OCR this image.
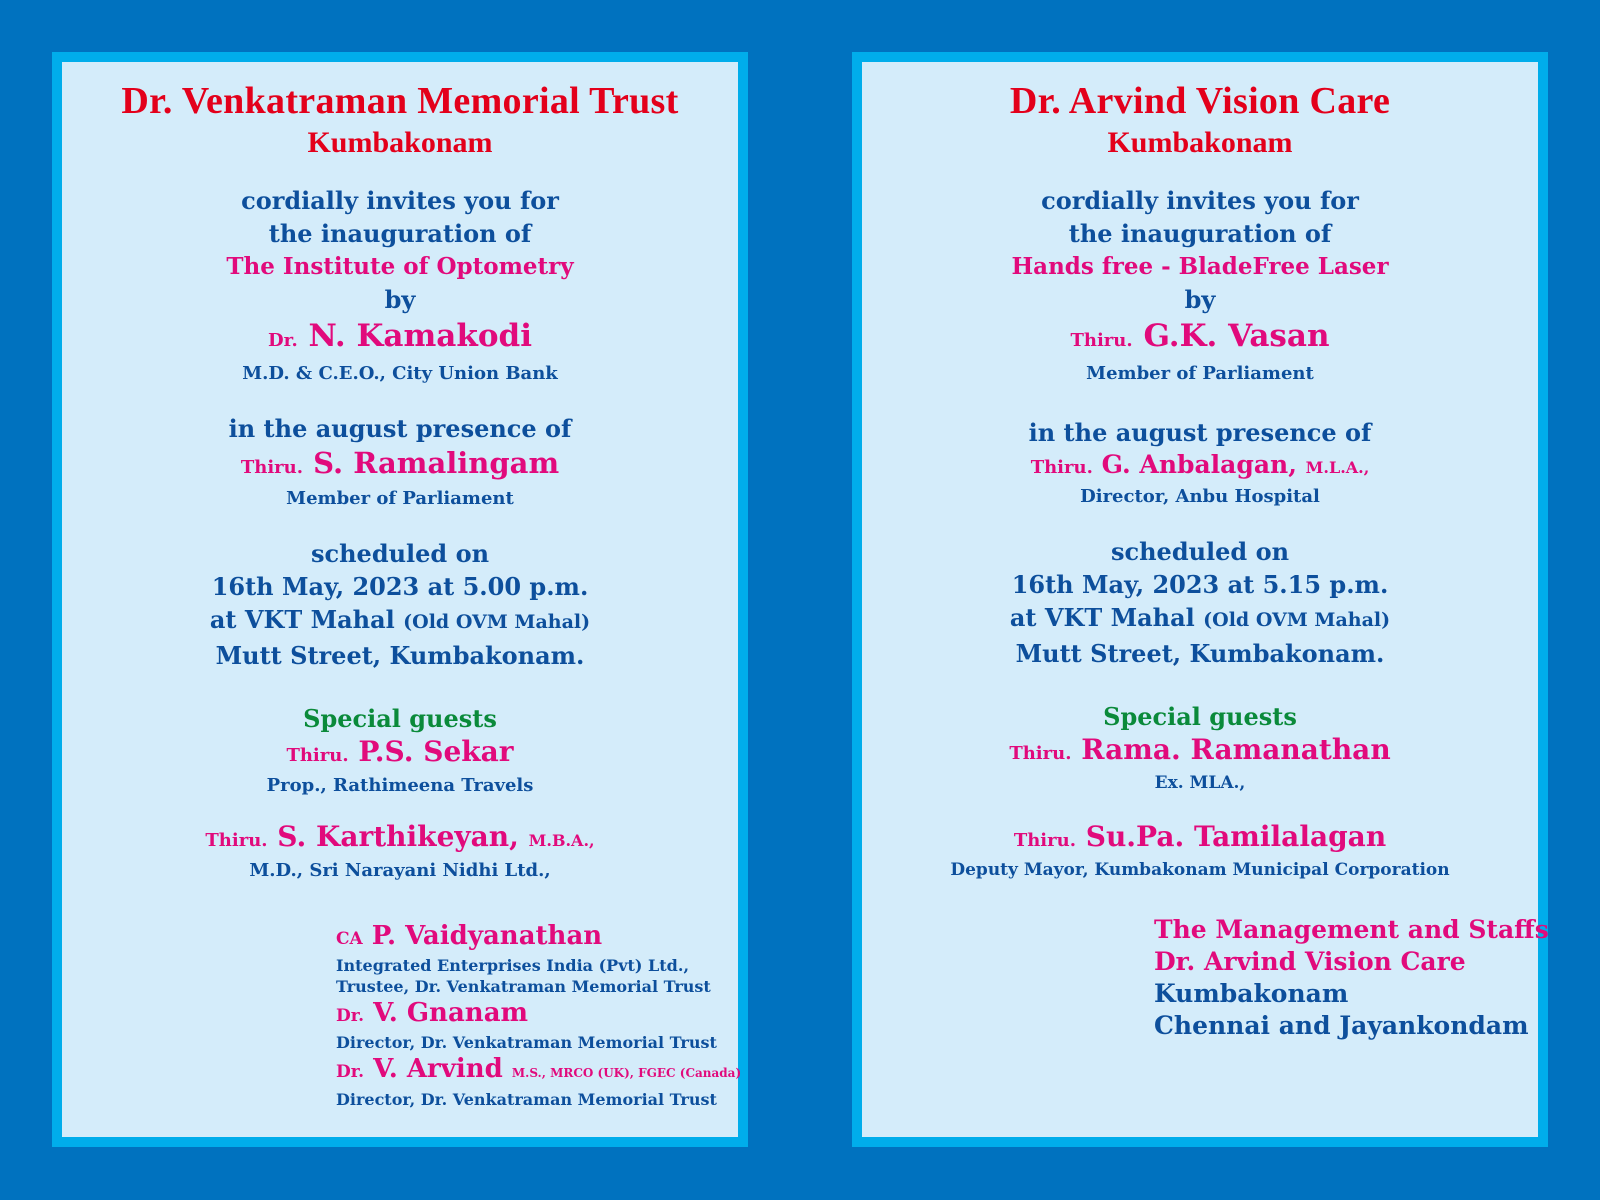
Dr. Venkatraman Memorial Trust
Kumbakonam
cordially invites you for
the inauguration of
The Institute of Optometry
by
Dr. N. Kamakodi
M.D. & C.E.O., City Union Bank
in the august presence of
Thiru. S. Ramalingam
Member of Parliament
scheduled on
16th May, 2023 at 5.00 p.m.
at VKT Mahal (Old OVM Mahal)
Mutt Street, Kumbakonam.
Special guests
Thiru. P.S. Sekar
Prop., Rathimeena Travels
Thiru. S. Karthikeyan, M.B.A.,
M.D., Sri Narayani Nidhi Ltd.,
CA P. Vaidyanathan
Integrated Enterprises India (Pvt) Ltd.,
Trustee, Dr. Venkatraman Memorial Trust
Dr. V. Gnanam
Director, Dr. Venkatraman Memorial Trust
Dr. V. Arvind M.S., MRCO (UK), FGEC (Canada)
Director, Dr. Venkatraman Memorial Trust
Dr. Arvind Vision Care
Kumbakonam
cordially invites you for
the inauguration of
Hands free - BladeFree Laser
by
Thiru. G.K. Vasan
Member of Parliament
in the august presence of
Thiru. G. Anbalagan, M.L.A.,
Director, Anbu Hospital
scheduled on
16th May, 2023 at 5.15 p.m.
at VKT Mahal (Old OVM Mahal)
Mutt Street, Kumbakonam.
Special guests
Thiru. Rama. Ramanathan
Ex. MLA.,
Thiru. Su.Pa. Tamilalagan
Deputy Mayor, Kumbakonam Municipal Corporation
The Management and Staffs
Dr. Arvind Vision Care
Kumbakonam
Chennai and Jayankondam
